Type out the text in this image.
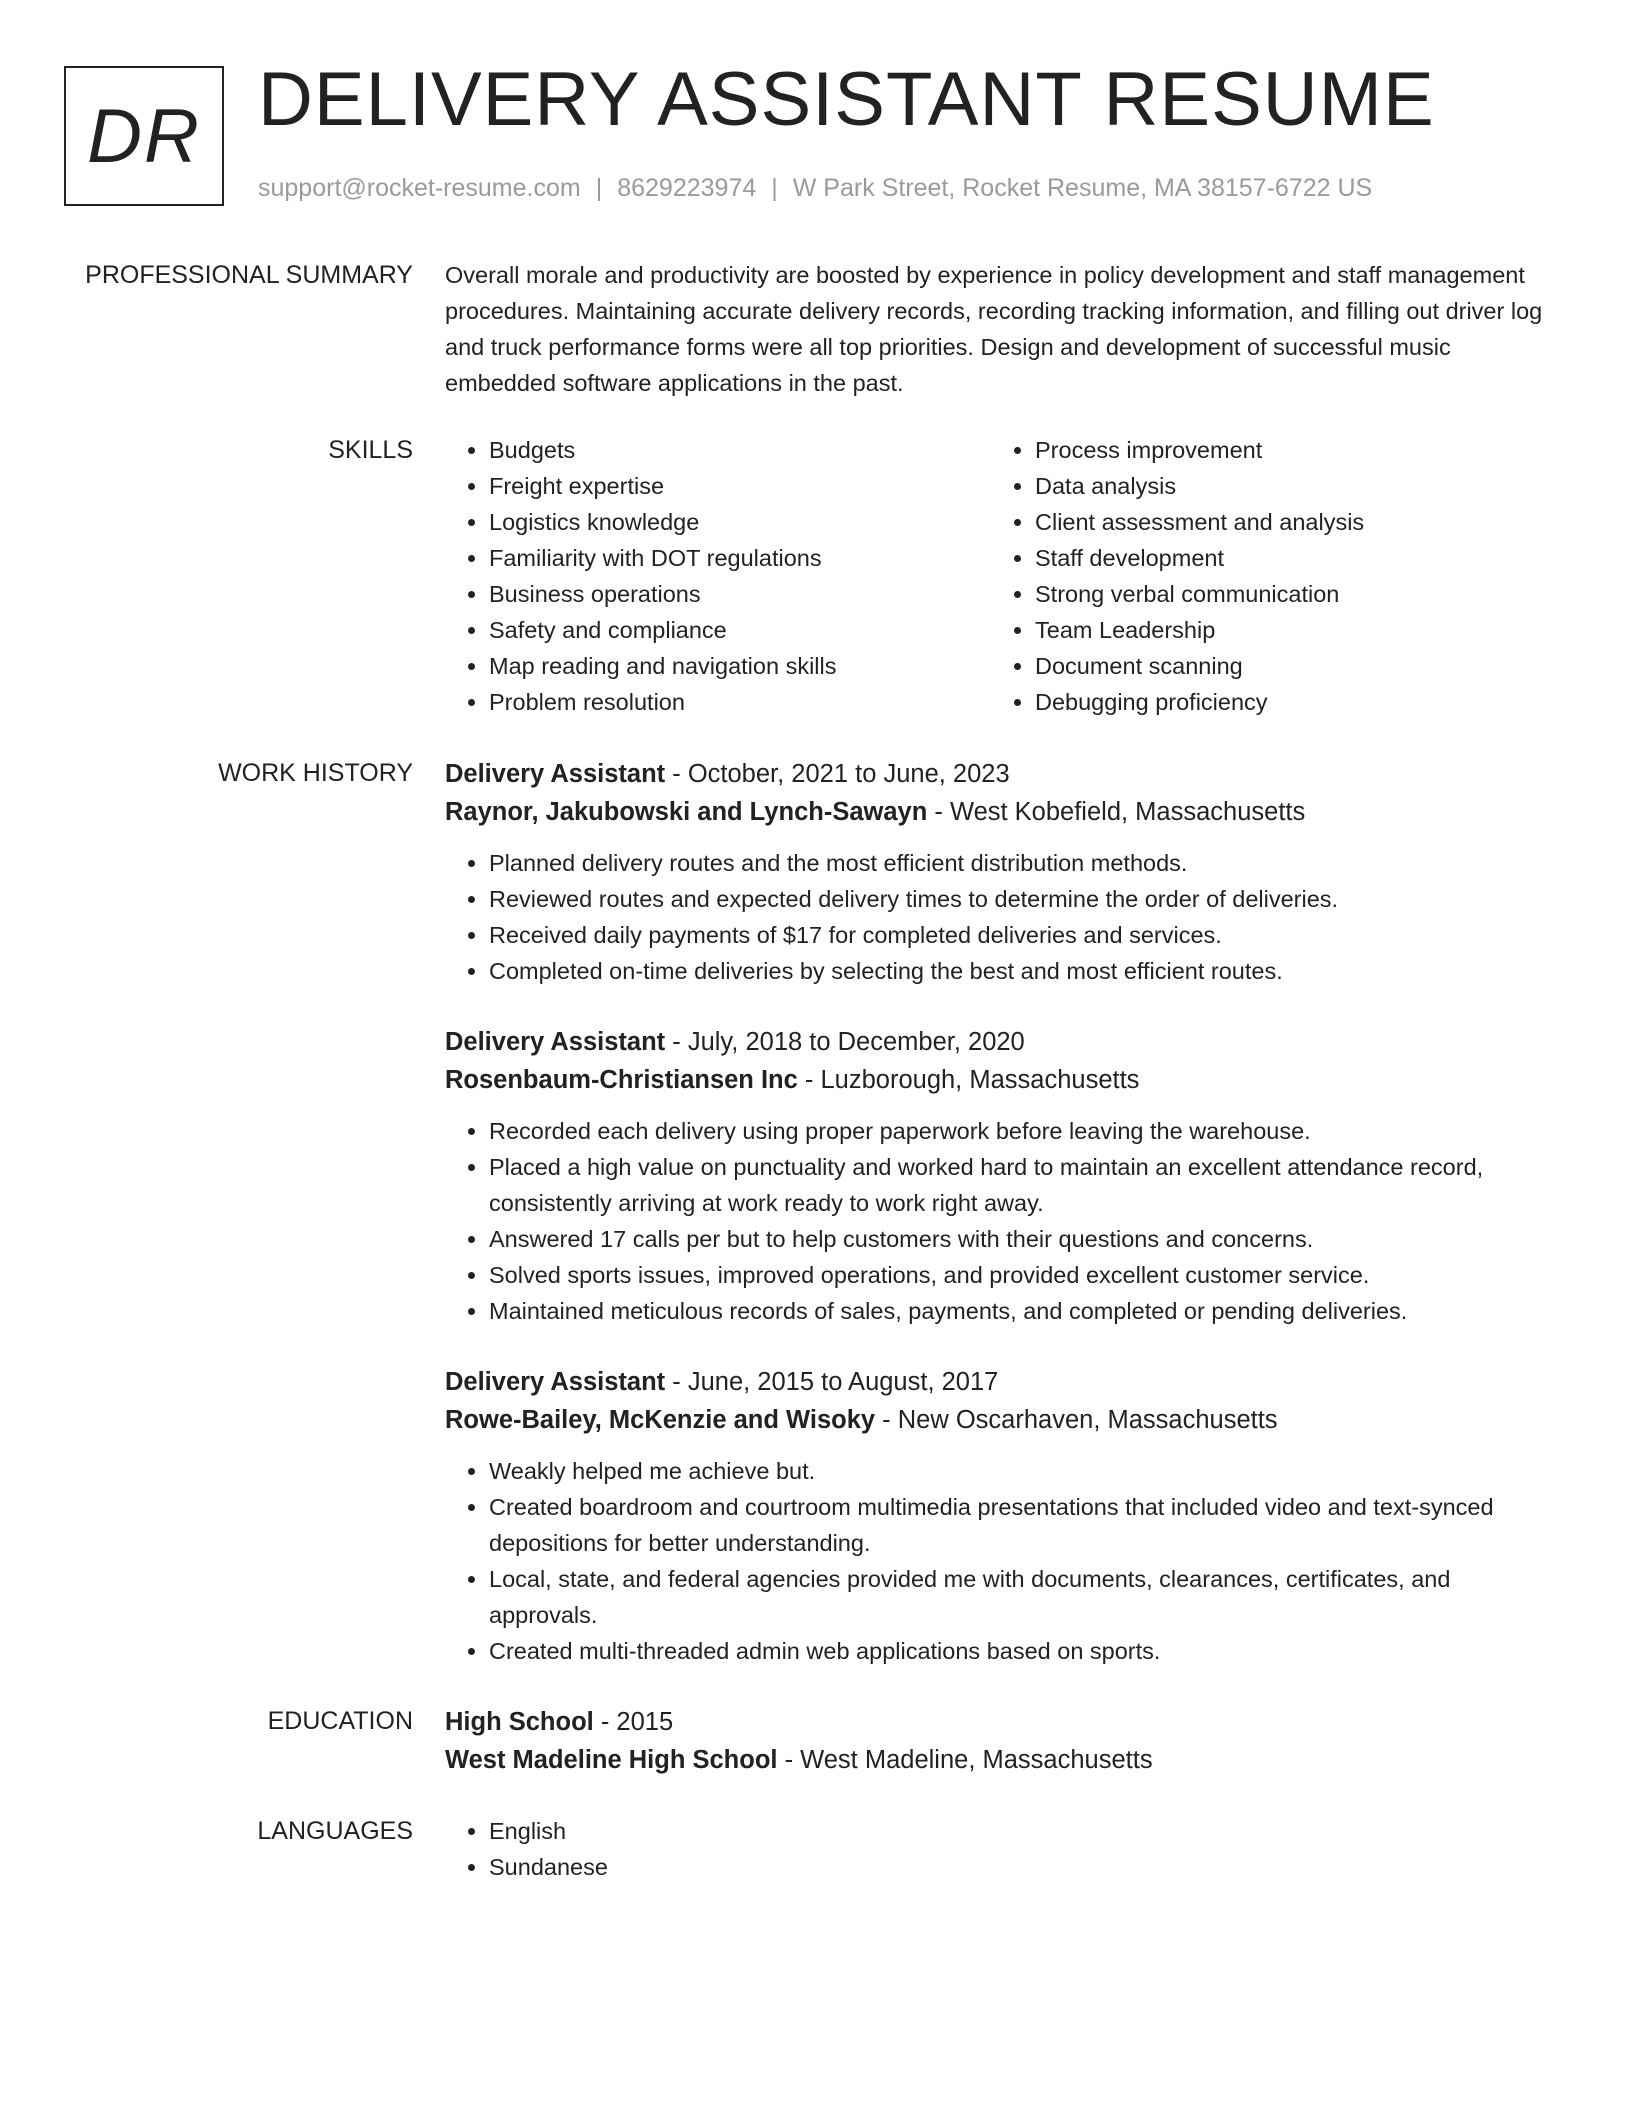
DR DELIVERY ASSISTANT RESUME
support@rocket-resume.com | 8629223974 | W Park Street, Rocket Resume, MA 38157-6722 US
PROFESSIONAL SUMMARY Overall morale and productivity are boosted by experience in policy development and staff management procedures. Maintaining accurate delivery records, recording tracking information, and filling out driver log and truck performance forms were all top priorities. Design and development of successful music embedded software applications in the past.
SKILLS	• Budgets
• Freight expertise
• Logistics knowledge
• Familiarity with DOT regulations
• Business operations
• Safety and compliance
• Map reading and navigation skills
• Problem resolution
• Process improvement
• Data analysis
• Client assessment and analysis
• Staff development
• Strong verbal communication
• Team Leadership
• Document scanning
• Debugging proficiency
WORK HISTORY Delivery Assistant - October, 2021 to June, 2023
Raynor, Jakubowski and Lynch-Sawayn - West Kobefield, Massachusetts
• Planned delivery routes and the most efficient distribution methods.
• Reviewed routes and expected delivery times to determine the order of deliveries.
• Received daily payments of $17 for completed deliveries and services.
• Completed on-time deliveries by selecting the best and most efficient routes.
Delivery Assistant - July, 2018 to December, 2020
Rosenbaum-Christiansen Inc - Luzborough, Massachusetts
• Recorded each delivery using proper paperwork before leaving the warehouse.
• Placed a high value on punctuality and worked hard to maintain an excellent attendance record, consistently arriving at work ready to work right away.
• Answered 17 calls per but to help customers with their questions and concerns.
• Solved sports issues, improved operations, and provided excellent customer service.
• Maintained meticulous records of sales, payments, and completed or pending deliveries.
Delivery Assistant - June, 2015 to August, 2017
Rowe-Bailey, McKenzie and Wisoky - New Oscarhaven, Massachusetts
• Weakly helped me achieve but.
• Created boardroom and courtroom multimedia presentations that included video and text-synced depositions for better understanding.
• Local, state, and federal agencies provided me with documents, clearances, certificates, and approvals.
• Created multi-threaded admin web applications based on sports.
EDUCATION High School - 2015
West Madeline High School - West Madeline, Massachusetts
LANGUAGES	• English
• Sundanese
